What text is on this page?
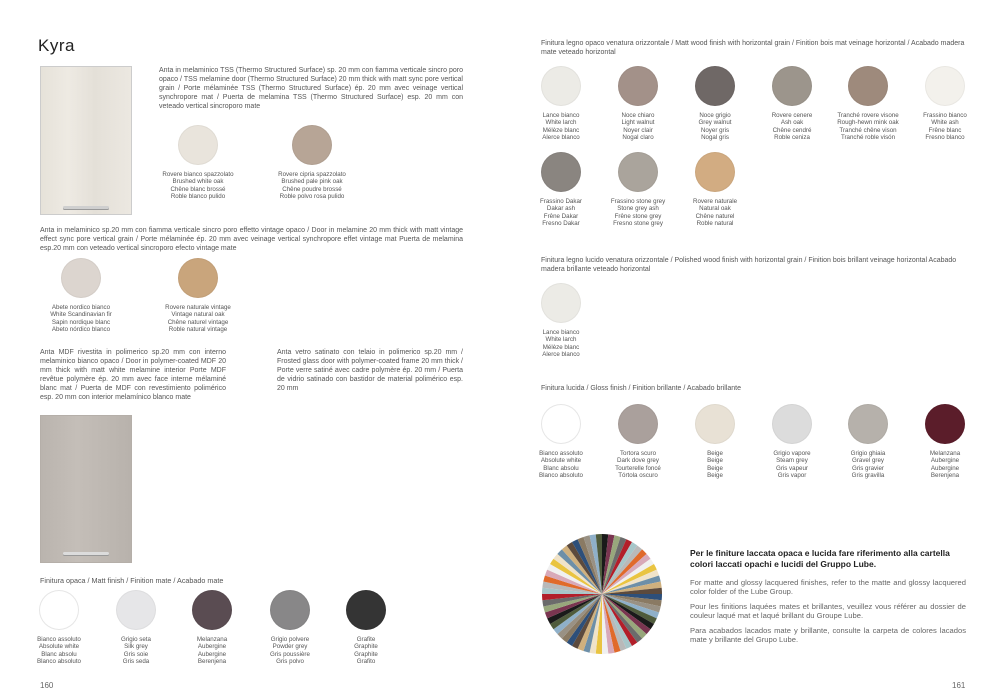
Kyra
Anta in melaminico TSS (Thermo Structured Surface) sp. 20 mm con fiamma verticale sincro poro opaco / TSS melamine door (Thermo Structured Surface) 20 mm thick with matt sync pore vertical grain / Porte mélaminée TSS (Thermo Structured Surface) ép. 20 mm avec veinage vertical synchropore mat / Puerta de melamina TSS (Thermo Structured Surface) esp. 20 mm con veteado vertical sincroporo mate
Rovere bianco spazzolato
Brushed white oak
Chêne blanc brossé
Roble blanco pulido
Rovere cipria spazzolato
Brushed pale pink oak
Chêne poudre brossé
Roble polvo rosa pulido
Anta in melaminico sp.20 mm con fiamma verticale sincro poro effetto vintage opaco / Door in melamine 20 mm thick with matt vintage effect sync pore vertical grain / Porte mélaminée ép. 20 mm avec veinage vertical synchropore effet vintage mat Puerta de melamina esp.20 mm con veteado vertical sincroporo efecto vintage mate
Abete nordico bianco
White Scandinavian fir
Sapin nordique blanc
Abeto nórdico blanco
Rovere naturale vintage
Vintage natural oak
Chêne naturel vintage
Roble natural vintage
Anta MDF rivestita in polimerico sp.20 mm con interno melaminico bianco opaco / Door in polymer-coated MDF 20 mm thick with matt white melamine interior Porte MDF revêtue polymère ép. 20 mm avec face interne mélaminé blanc mat / Puerta de MDF con revestimiento polimérico esp. 20 mm con interior melamínico blanco mate
Anta vetro satinato con telaio in polimerico sp.20 mm / Frosted glass door with polymer-coated frame 20 mm thick / Porte verre satiné avec cadre polymère ép. 20 mm / Puerta de vidrio satinado con bastidor de material polimérico esp. 20 mm
Finitura opaca / Matt finish / Finition mate / Acabado mate
Bianco assoluto
Absolute white
Blanc absolu
Blanco absoluto
Grigio seta
Silk grey
Gris soie
Gris seda
Melanzana
Aubergine
Aubergine
Berenjena
Grigio polvere
Powder grey
Gris poussière
Gris polvo
Grafite
Graphite
Graphite
Grafito
160
Finitura legno opaco venatura orizzontale / Matt wood finish with horizontal grain / Finition bois mat veinage horizontal / Acabado madera mate veteado horizontal
Lance bianco
White larch
Mélèze blanc
Alerce blanco
Noce chiaro
Light walnut
Noyer clair
Nogal claro
Noce grigio
Grey walnut
Noyer gris
Nogal gris
Rovere cenere
Ash oak
Chêne cendré
Roble ceniza
Tranché rovere visone
Rough-hewn mink oak
Tranché chêne vison
Tranché roble visón
Frassino bianco
White ash
Frêne blanc
Fresno blanco
Frassino Dakar
Dakar ash
Frêne Dakar
Fresno Dakar
Frassino stone grey
Stone grey ash
Frêne stone grey
Fresno stone grey
Rovere naturale
Natural oak
Chêne naturel
Roble natural
Finitura legno lucido venatura orizzontale / Polished wood finish with horizontal grain / Finition bois brillant veinage horizontal Acabado madera brillante veteado horizontal
Lance bianco
White larch
Mélèze blanc
Alerce blanco
Finitura lucida / Gloss finish / Finition brillante / Acabado brillante
Bianco assoluto
Absolute white
Blanc absolu
Blanco absoluto
Tortora scuro
Dark dove grey
Tourterelle foncé
Tórtola oscuro
Beige
Beige
Beige
Beige
Grigio vapore
Steam grey
Gris vapeur
Gris vapor
Grigio ghiaia
Gravel grey
Gris gravier
Gris gravilla
Melanzana
Aubergine
Aubergine
Berenjena
Per le finiture laccata opaca e lucida fare riferimento alla cartella colori laccati opachi e lucidi del Gruppo Lube.
For matte and glossy lacquered finishes, refer to the matte and glossy lacquered color folder of the Lube Group.
Pour les finitions laquées mates et brillantes, veuillez vous référer au dossier de couleur laqué mat et laqué brillant du Groupe Lube.
Para acabados lacados mate y brillante, consulte la carpeta de colores lacados mate y brillante del Grupo Lube.
161
